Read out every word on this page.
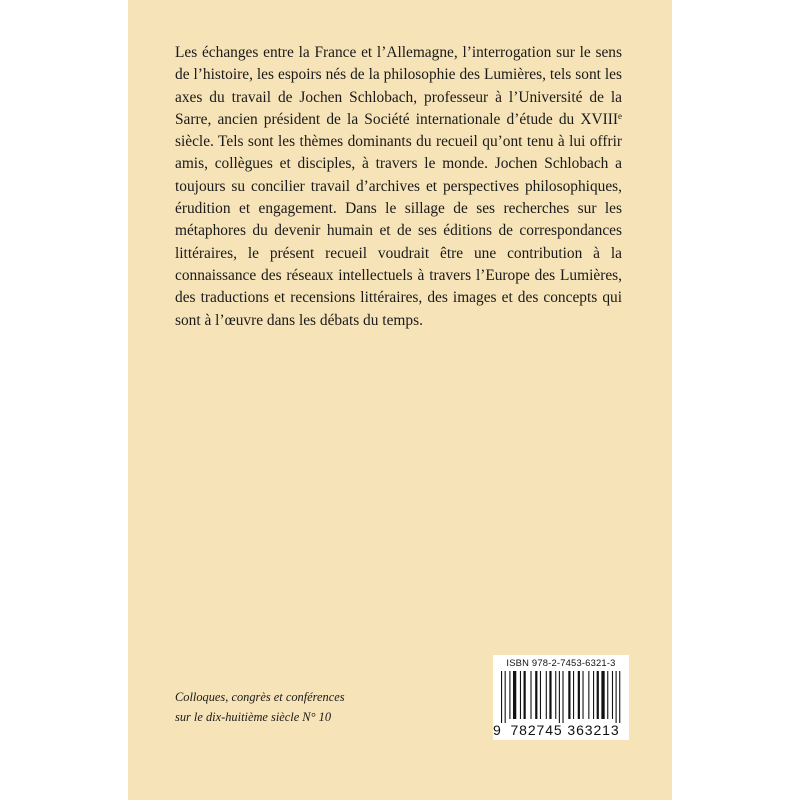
Les échanges entre la France et l’Allemagne, l’interrogation sur le sens de l’histoire, les espoirs nés de la philosophie des Lumières, tels sont les axes du travail de Jochen Schlobach, professeur à l’Université de la Sarre, ancien président de la Société internationale d’étude du XVIIIe siècle. Tels sont les thèmes dominants du recueil qu’ont tenu à lui offrir amis, collègues et disciples, à travers le monde. Jochen Schlobach a toujours su concilier travail d’archives et perspectives philosophiques, érudition et engagement. Dans le sillage de ses recherches sur les métaphores du devenir humain et de ses éditions de correspondances littéraires, le présent recueil voudrait être une contribution à la connaissance des réseaux intellectuels à travers l’Europe des Lumières, des traductions et recensions littéraires, des images et des concepts qui sont à l’œuvre dans les débats du temps.

Colloques, congrès et conférences
sur le dix-huitième siècle N° 10
ISBN 978-2-7453-6321-3
9 782745 363213
